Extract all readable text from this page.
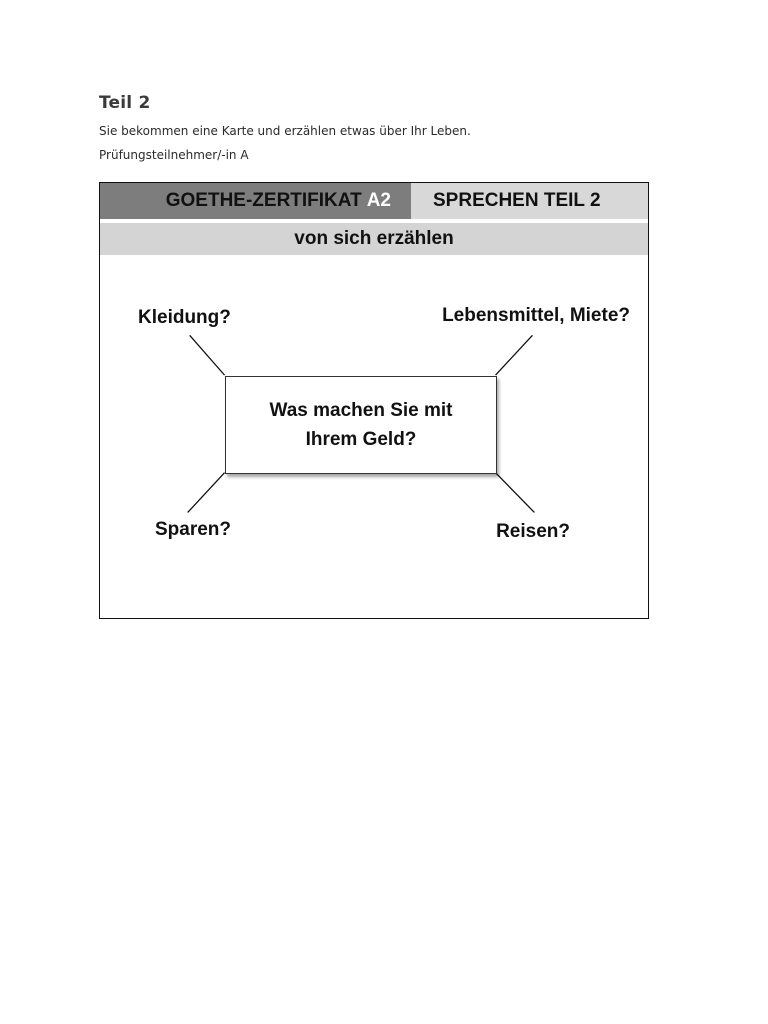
Teil 2
Sie bekommen eine Karte und erzählen etwas über Ihr Leben.
Prüfungsteilnehmer/-in A
GOETHE-ZERTIFIKAT A2	SPRECHEN TEIL 2
von sich erzählen
Was machen Sie mit Ihrem Geld?
Kleidung?	Lebensmittel, Miete?
Sparen?	Reisen?
